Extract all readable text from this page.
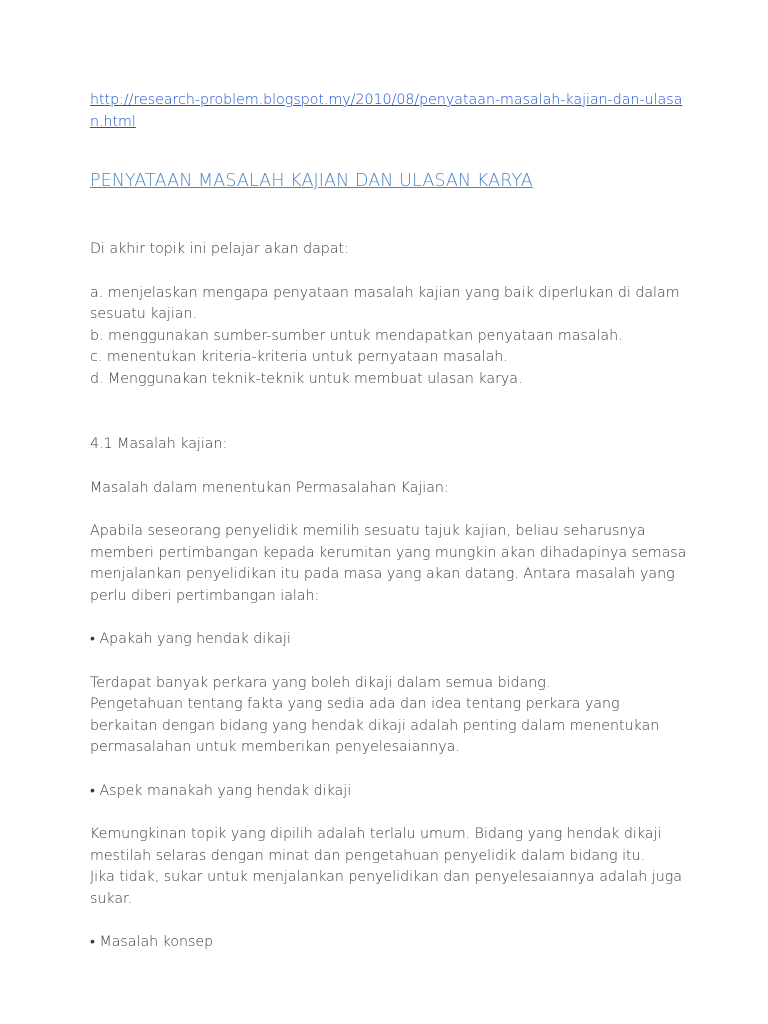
http://research-problem.blogspot.my/2010/08/penyataan-masalah-kajian-dan-ulasan.html
PENYATAAN MASALAH KAJIAN DAN ULASAN KARYA

Di akhir topik ini pelajar akan dapat:

a. menjelaskan mengapa penyataan masalah kajian yang baik diperlukan di dalam sesuatu kajian.

b. menggunakan sumber-sumber untuk mendapatkan penyataan masalah.

c. menentukan kriteria-kriteria untuk pernyataan masalah.

d. Menggunakan teknik-teknik untuk membuat ulasan karya.

4.1 Masalah kajian:

Masalah dalam menentukan Permasalahan Kajian:

Apabila seseorang penyelidik memilih sesuatu tajuk kajian, beliau seharusnya memberi pertimbangan kepada kerumitan yang mungkin akan dihadapinya semasa menjalankan penyelidikan itu pada masa yang akan datang. Antara masalah yang perlu diberi pertimbangan ialah:

• Apakah yang hendak dikaji

Terdapat banyak perkara yang boleh dikaji dalam semua bidang.

Pengetahuan tentang fakta yang sedia ada dan idea tentang perkara yang berkaitan dengan bidang yang hendak dikaji adalah penting dalam menentukan permasalahan untuk memberikan penyelesaiannya.

• Aspek manakah yang hendak dikaji

Kemungkinan topik yang dipilih adalah terlalu umum. Bidang yang hendak dikaji mestilah selaras dengan minat dan pengetahuan penyelidik dalam bidang itu.

Jika tidak, sukar untuk menjalankan penyelidikan dan penyelesaiannya adalah juga sukar.

• Masalah konsep
